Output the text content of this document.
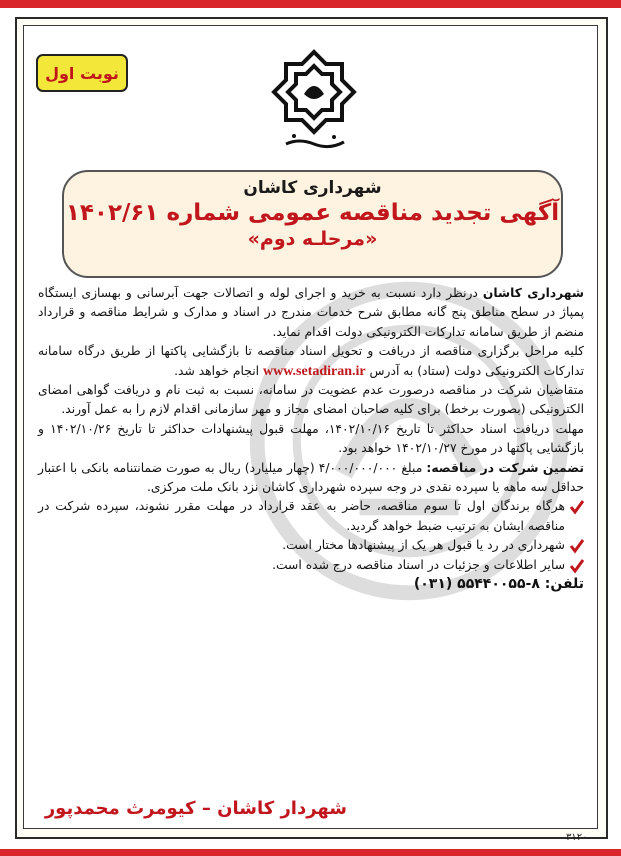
نوبت اول
شهرداری کاشان
آگهی تجدید مناقصه عمومی شماره ۱۴۰۲/۶۱
«مرحلـه دوم»

شهرداری کاشان درنظر دارد نسبت به خرید و اجرای لوله و اتصالات جهت آبرسانی و بهسازی ایستگاه پمپاژ در سطح مناطق پنج گانه مطابق شرح خدمات مندرج در اسناد و مدارک و شرایط مناقصه و قرارداد منضم از طریق سامانه تدارکات الکترونیکی دولت اقدام نماید.

کلیه مراحل برگزاری مناقصه از دریافت و تحویل اسناد مناقصه تا بازگشایی پاکتها از طریق درگاه سامانه تدارکات الکترونیکی دولت (ستاد) به آدرس www.setadiran.ir انجام خواهد شد.

متقاضیان شرکت در مناقصه درصورت عدم عضویت در سامانه، نسبت به ثبت نام و دریافت گواهی امضای الکترونیکی (بصورت برخط) برای کلیه صاحبان امضای مجاز و مهر سازمانی اقدام لازم را به عمل آورند.

مهلت دریافت اسناد حداکثر تا تاریخ ۱۴۰۲/۱۰/۱۶، مهلت قبول پیشنهادات حداکثر تا تاریخ ۱۴۰۲/۱۰/۲۶ و بازگشایی پاکتها در مورخ ۱۴۰۲/۱۰/۲۷ خواهد بود.

تضمین شرکت در مناقصه: مبلغ ۴/۰۰۰/۰۰۰/۰۰۰ (چهار میلیارد) ریال به صورت ضمانتنامه بانکی با اعتبار حداقل سه ماهه یا سپرده نقدی در وجه سپرده شهرداری کاشان نزد بانک ملت مرکزی.

هرگاه برندگان اول تا سوم مناقصه، حاضر به عقد قرارداد در مهلت مقرر نشوند، سپرده شرکت در مناقصه ایشان به ترتیب ضبط خواهد گردید.
شهرداری در رد یا قبول هر یک از پیشنهادها مختار است.
سایر اطلاعات و جزئیات در اسناد مناقصه درج شده است.

تلفن: (۰۳۱) ۵۵۴۴۰۰۵۵-۸

شهردار کاشان – کیومرث محمدپور
۳۱۲۰
